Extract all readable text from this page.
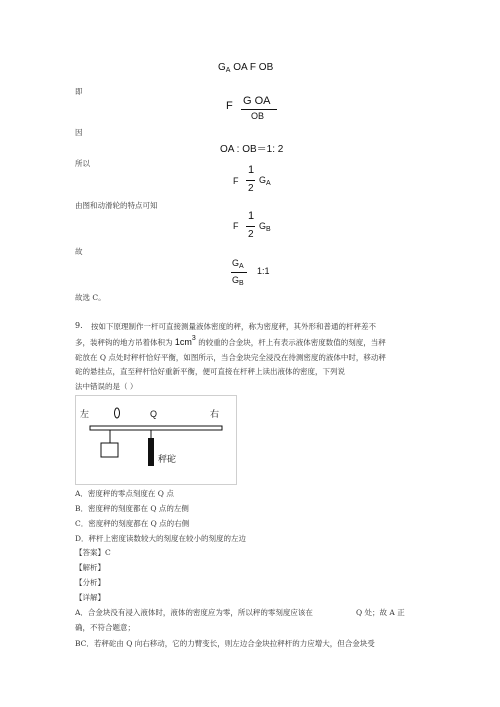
$G_A$ OA F OB
即
F G OA
OB
因
OA : OB＝1: 2
所以
F
1
2
$G_A$
由图和动滑轮的特点可知
F
1
2
$G_B$
故
$G_A$
$G_B$
1:1
故选 C。
9. 按如下原理制作一杆可直接测量液体密度的秤，称为密度秤，其外形和普通的杆秤差不
多，装秤钩的地方吊着体积为 1cm3 的较重的合金块，杆上有表示液体密度数值的刻度，当秤
砣放在 Q 点处时秤杆恰好平衡，如图所示，当合金块完全浸没在待测密度的液体中时，移动秤
砣的悬挂点，直至秤杆恰好重新平衡，便可直接在杆秤上读出液体的密度，下列说
法中错误的是（ ）
左	Q	右
秤砣
A．密度秤的零点刻度在 Q 点
B．密度秤的刻度都在 Q 点的左侧
C．密度秤的刻度都在 Q 点的右侧
D．秤杆上密度读数较大的刻度在较小的刻度的左边
【答案】C
【解析】
【分析】
【详解】
A．合金块没有浸入液体时，液体的密度应为零，所以秤的零刻度应该在	Q 处；故 A 正
确，不符合题意；
BC．若秤砣由 Q 向右移动，它的力臂变长，则左边合金块拉秤杆的力应增大，但合金块受
